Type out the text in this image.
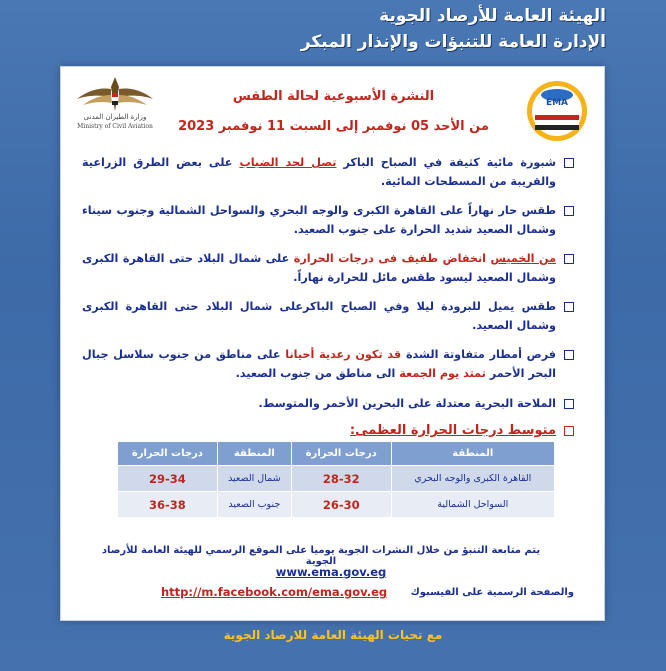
الهيئة العامة للأرصاد الجوية
الإدارة العامة للتنبؤات والإنذار المبكر
وزارة الطيران المدنى
Ministry of Civil Aviation
EMA
النشرة الأسبوعية لحالة الطقس
من الأحد 05 نوفمبر إلى السبت 11 نوفمبر 2023
شبورة مائية كثيفة في الصباح الباكر تصل لحد الضباب على بعض الطرق الزراعية والقريبة من المسطحات المائية.
طقس حار نهاراً على القاهرة الكبرى والوجه البحري والسواحل الشمالية وجنوب سيناء وشمال الصعيد شديد الحرارة على جنوب الصعيد.
من الخميس انخفاض طفيف فى درجات الحرارة على شمال البلاد حتى القاهرة الكبرى وشمال الصعيد ليسود طقس مائل للحرارة نهاراً.
طقس يميل للبرودة ليلا وفي الصباح الباكرعلى شمال البلاد حتى القاهرة الكبرى وشمال الصعيد.
فرص أمطار متفاوتة الشدة قد تكون رعدية أحيانا على مناطق من جنوب سلاسل جبال البحر الأحمر تمتد يوم الجمعة الى مناطق من جنوب الصعيد.
الملاحة البحرية معتدلة على البحرين الأحمر والمتوسط.
متوسط درجات الحرارة العظمى:
المنطقة	درجات الحرارة	المنطقة	درجات الحرارة
القاهرة الكبرى والوجه البحري	28-32	شمال الصعيد	29-34
السواحل الشمالية	26-30	جنوب الصعيد	36-38
يتم متابعة التنبؤ من خلال النشرات الجوية يوميا على الموقع الرسمي للهيئة العامة للأرصاد الجوية
www.ema.gov.eg
والصفحة الرسمية على الفيسبوك
http://m.facebook.com/ema.gov.eg
مع تحيات الهيئة العامة للارصاد الجوية
